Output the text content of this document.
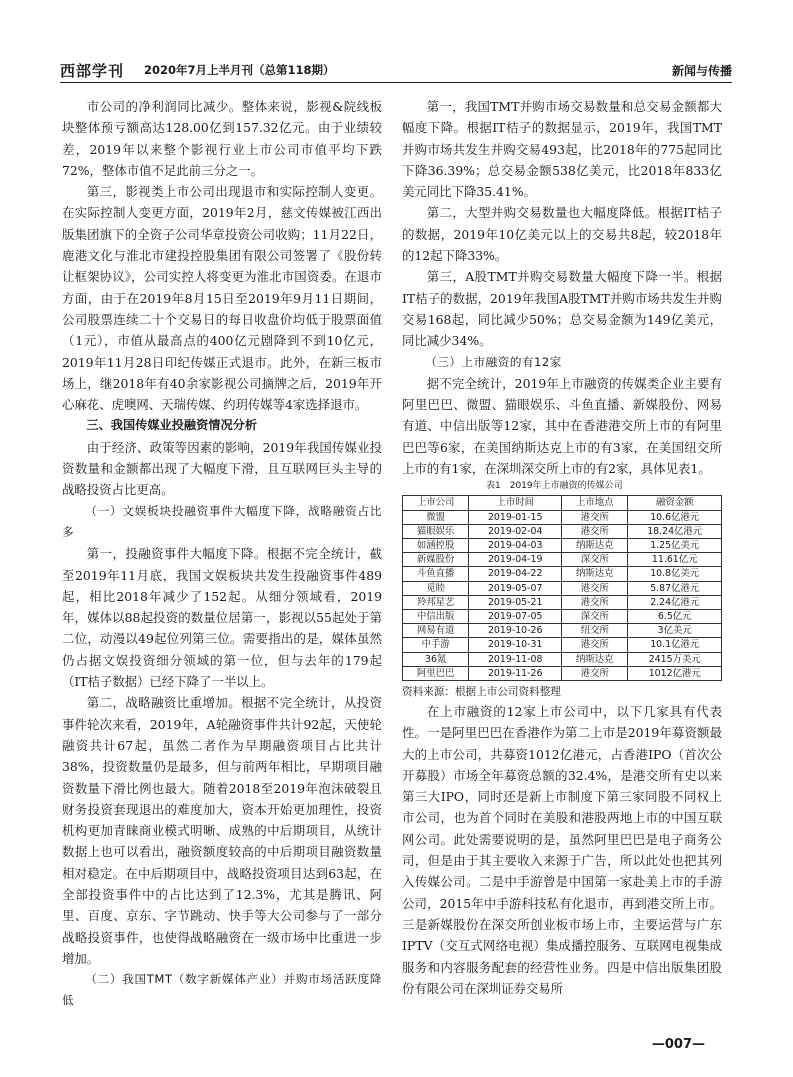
西部学刊 2020年7月上半月刊（总第118期）	新闻与传播

市公司的净利润同比减少。整体来说，影视&院线板块整体预亏额高达128.00亿到157.32亿元。由于业绩较差，2019年以来整个影视行业上市公司市值平均下跌72%，整体市值不足此前三分之一。

第三，影视类上市公司出现退市和实际控制人变更。在实际控制人变更方面，2019年2月，慈文传媒被江西出版集团旗下的全资子公司华章投资公司收购；11月22日，鹿港文化与淮北市建投控股集团有限公司签署了《股份转让框架协议》，公司实控人将变更为淮北市国资委。在退市方面，由于在2019年8月15日至2019年9月11日期间，公司股票连续二十个交易日的每日收盘价均低于股票面值（1元），市值从最高点的400亿元剧降到不到10亿元，2019年11月28日印纪传媒正式退市。此外，在新三板市场上，继2018年有40余家影视公司摘牌之后，2019年开心麻花、虎噢网、天瑞传媒、约玥传媒等4家选择退市。

三、我国传媒业投融资情况分析

由于经济、政策等因素的影响，2019年我国传媒业投资数量和金额都出现了大幅度下滑，且互联网巨头主导的战略投资占比更高。

（一）文娱板块投融资事件大幅度下降，战略融资占比多

第一，投融资事件大幅度下降。根据不完全统计，截至2019年11月底，我国文娱板块共发生投融资事件489起，相比2018年减少了152起。从细分领域看，2019年，媒体以88起投资的数量位居第一，影视以55起处于第二位，动漫以49起位列第三位。需要指出的是，媒体虽然仍占据文娱投资细分领域的第一位，但与去年的179起（IT桔子数据）已经下降了一半以上。

第二，战略融资比重增加。根据不完全统计，从投资事件轮次来看，2019年，A轮融资事件共计92起，天使轮融资共计67起，虽然二者作为早期融资项目占比共计38%，投资数量仍是最多，但与前两年相比，早期项目融资数量下滑比例也最大。随着2018至2019年泡沫破裂且财务投资套现退出的难度加大，资本开始更加理性，投资机构更加青睐商业模式明晰、成熟的中后期项目，从统计数据上也可以看出，融资额度较高的中后期项目融资数量相对稳定。在中后期项目中，战略投资项目达到63起，在全部投资事件中的占比达到了12.3%，尤其是腾讯、阿里、百度、京东、字节跳动、快手等大公司参与了一部分战略投资事件，也使得战略融资在一级市场中比重进一步增加。

（二）我国TMT（数字新媒体产业）并购市场活跃度降低

第一，我国TMT并购市场交易数量和总交易金额都大幅度下降。根据IT桔子的数据显示，2019年，我国TMT并购市场共发生并购交易493起，比2018年的775起同比下降36.39%；总交易金额538亿美元，比2018年833亿美元同比下降35.41%。

第二，大型并购交易数量也大幅度降低。根据IT桔子的数据，2019年10亿美元以上的交易共8起，较2018年的12起下降33%。

第三，A股TMT并购交易数量大幅度下降一半。根据IT桔子的数据，2019年我国A股TMT并购市场共发生并购交易168起，同比减少50%；总交易金额为149亿美元，同比减少34%。

（三）上市融资的有12家

据不完全统计，2019年上市融资的传媒类企业主要有阿里巴巴、微盟、猫眼娱乐、斗鱼直播、新媒股份、网易有道、中信出版等12家，其中在香港港交所上市的有阿里巴巴等6家，在美国纳斯达克上市的有3家，在美国纽交所上市的有1家，在深圳深交所上市的有2家，具体见表1。

表1　2019年上市融资的传媒公司

上市公司	上市时间	上市地点	融资金额
微盟	2019-01-15	港交所	10.6亿港元
猫眼娱乐	2019-02-04	港交所	18.24亿港元
如涵控股	2019-04-03	纳斯达克	1.25亿美元
新媒股份	2019-04-19	深交所	11.61亿元
斗鱼直播	2019-04-22	纳斯达克	10.8亿美元
觅睦	2019-05-07	港交所	5.87亿港元
羚邦星艺	2019-05-21	港交所	2.24亿港元
中信出版	2019-07-05	深交所	6.5亿元
网易有道	2019-10-26	纽交所	3亿美元
中手游	2019-10-31	港交所	10.1亿港元
36氪	2019-11-08	纳斯达克	2415万美元
阿里巴巴	2019-11-26	港交所	1012亿港元

资料来源：根据上市公司资料整理

在上市融资的12家上市公司中，以下几家具有代表性。一是阿里巴巴在香港作为第二上市是2019年募资额最大的上市公司，共募资1012亿港元，占香港IPO（首次公开募股）市场全年募资总额的32.4%，是港交所有史以来第三大IPO，同时还是新上市制度下第三家同股不同权上市公司，也为首个同时在美股和港股两地上市的中国互联网公司。此处需要说明的是，虽然阿里巴巴是电子商务公司，但是由于其主要收入来源于广告，所以此处也把其列入传媒公司。二是中手游曾是中国第一家赴美上市的手游公司，2015年中手游科技私有化退市，再到港交所上市。三是新媒股份在深交所创业板市场上市，主要运营与广东IPTV（交互式网络电视）集成播控服务、互联网电视集成服务和内容服务配套的经营性业务。四是中信出版集团股份有限公司在深圳证券交易所

—007—
